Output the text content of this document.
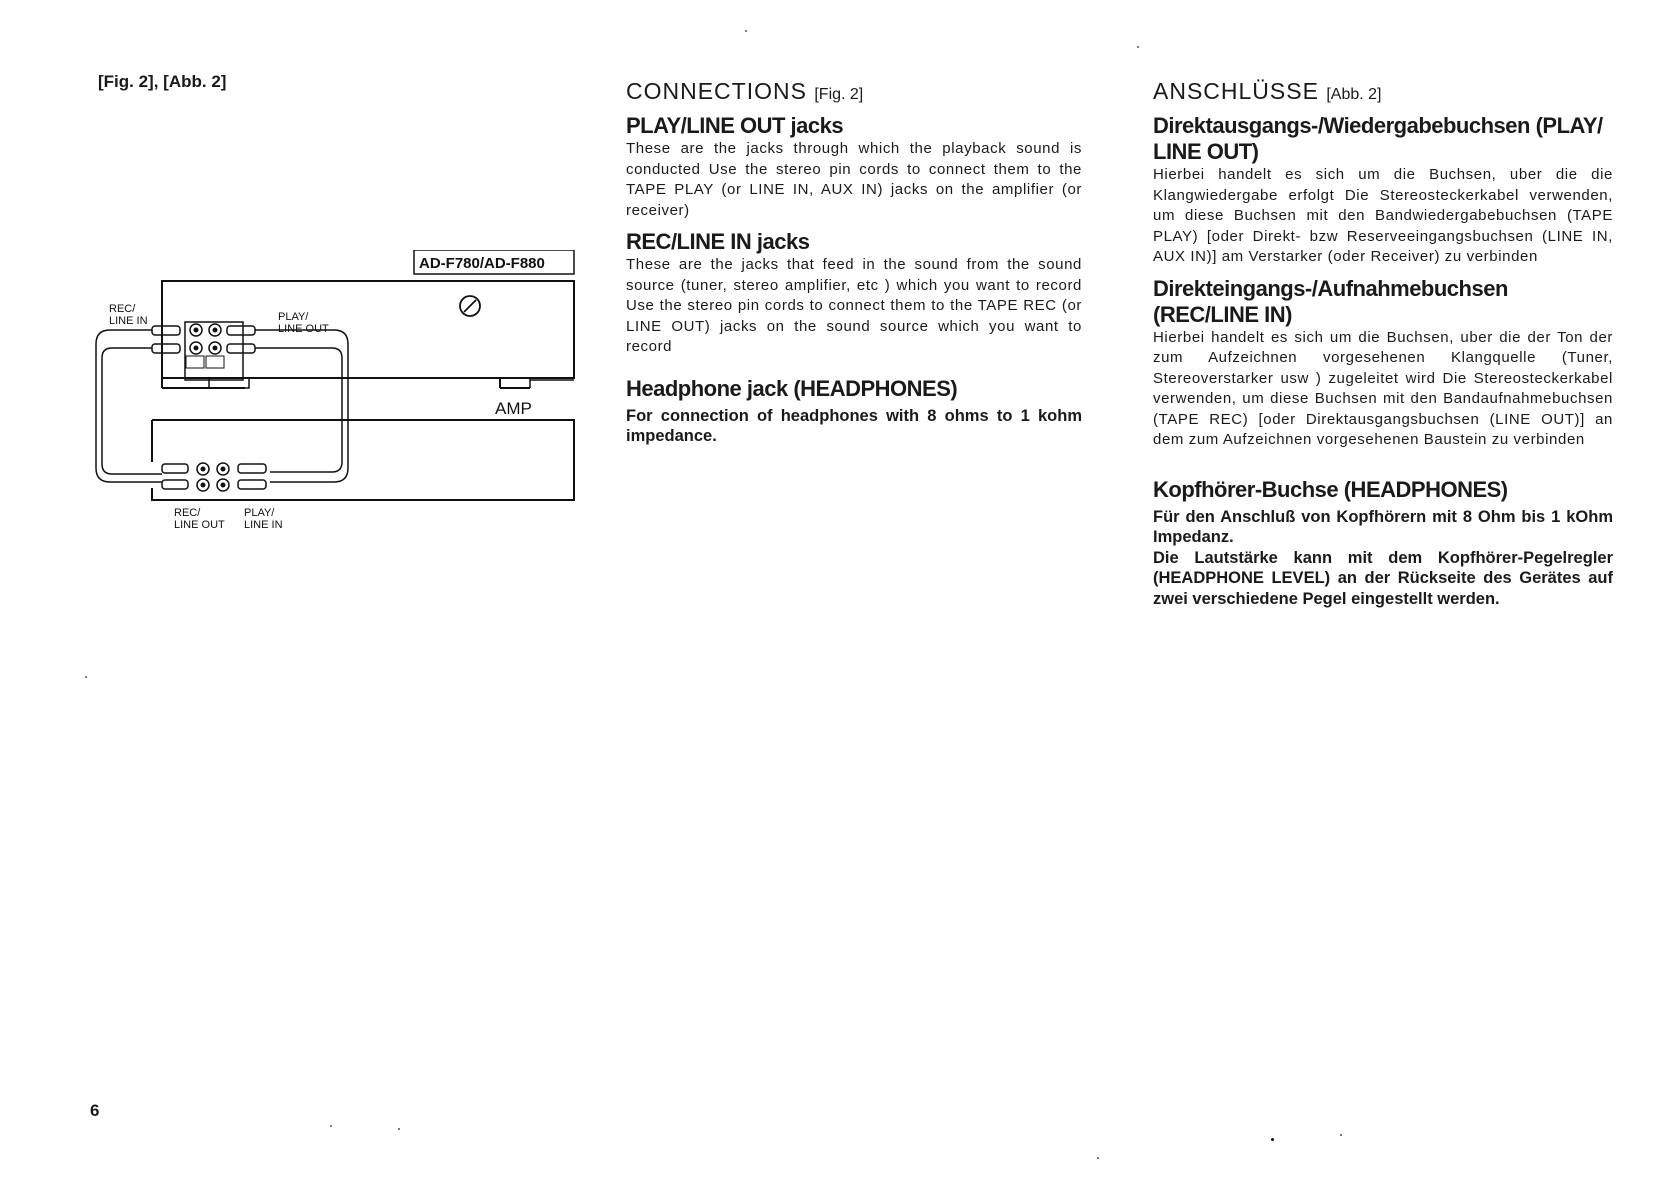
[Fig. 2], [Abb. 2]
AD-F780/AD-F880
REC/
LINE IN	PLAY/
LINE OUT
AMP
REC/
LINE OUT
PLAY/
LINE IN
CONNECTIONS [Fig. 2]
PLAY/LINE OUT jacks

These are the jacks through which the playback sound is conducted Use the stereo pin cords to connect them to the TAPE PLAY (or LINE IN, AUX IN) jacks on the amplifier (or receiver)

REC/LINE IN jacks

These are the jacks that feed in the sound from the sound source (tuner, stereo amplifier, etc ) which you want to record Use the stereo pin cords to connect them to the TAPE REC (or LINE OUT) jacks on the sound source which you want to record

Headphone jack (HEADPHONES)

For connection of headphones with 8 ohms to 1 kohm impedance.

ANSCHLÜSSE [Abb. 2]
Direktausgangs-/Wiedergabebuchsen (PLAY/ LINE OUT)

Hierbei handelt es sich um die Buchsen, uber die die Klangwiedergabe erfolgt Die Stereosteckerkabel verwenden, um diese Buchsen mit den Bandwiedergabebuchsen (TAPE PLAY) [oder Direkt- bzw Reserveeingangsbuchsen (LINE IN, AUX IN)] am Verstarker (oder Receiver) zu verbinden

Direkteingangs-/Aufnahmebuchsen (REC/LINE IN)

Hierbei handelt es sich um die Buchsen, uber die der Ton der zum Aufzeichnen vorgesehenen Klangquelle (Tuner, Stereoverstarker usw ) zugeleitet wird Die Stereosteckerkabel verwenden, um diese Buchsen mit den Bandaufnahmebuchsen (TAPE REC) [oder Direktausgangsbuchsen (LINE OUT)] an dem zum Aufzeichnen vorgesehenen Baustein zu verbinden

Kopfhörer-Buchse (HEADPHONES)

Für den Anschluß von Kopfhörern mit 8 Ohm bis 1 kOhm Impedanz.

Die Lautstärke kann mit dem Kopfhörer-Pegelregler (HEADPHONE LEVEL) an der Rückseite des Gerätes auf zwei verschiedene Pegel eingestellt werden.

6
